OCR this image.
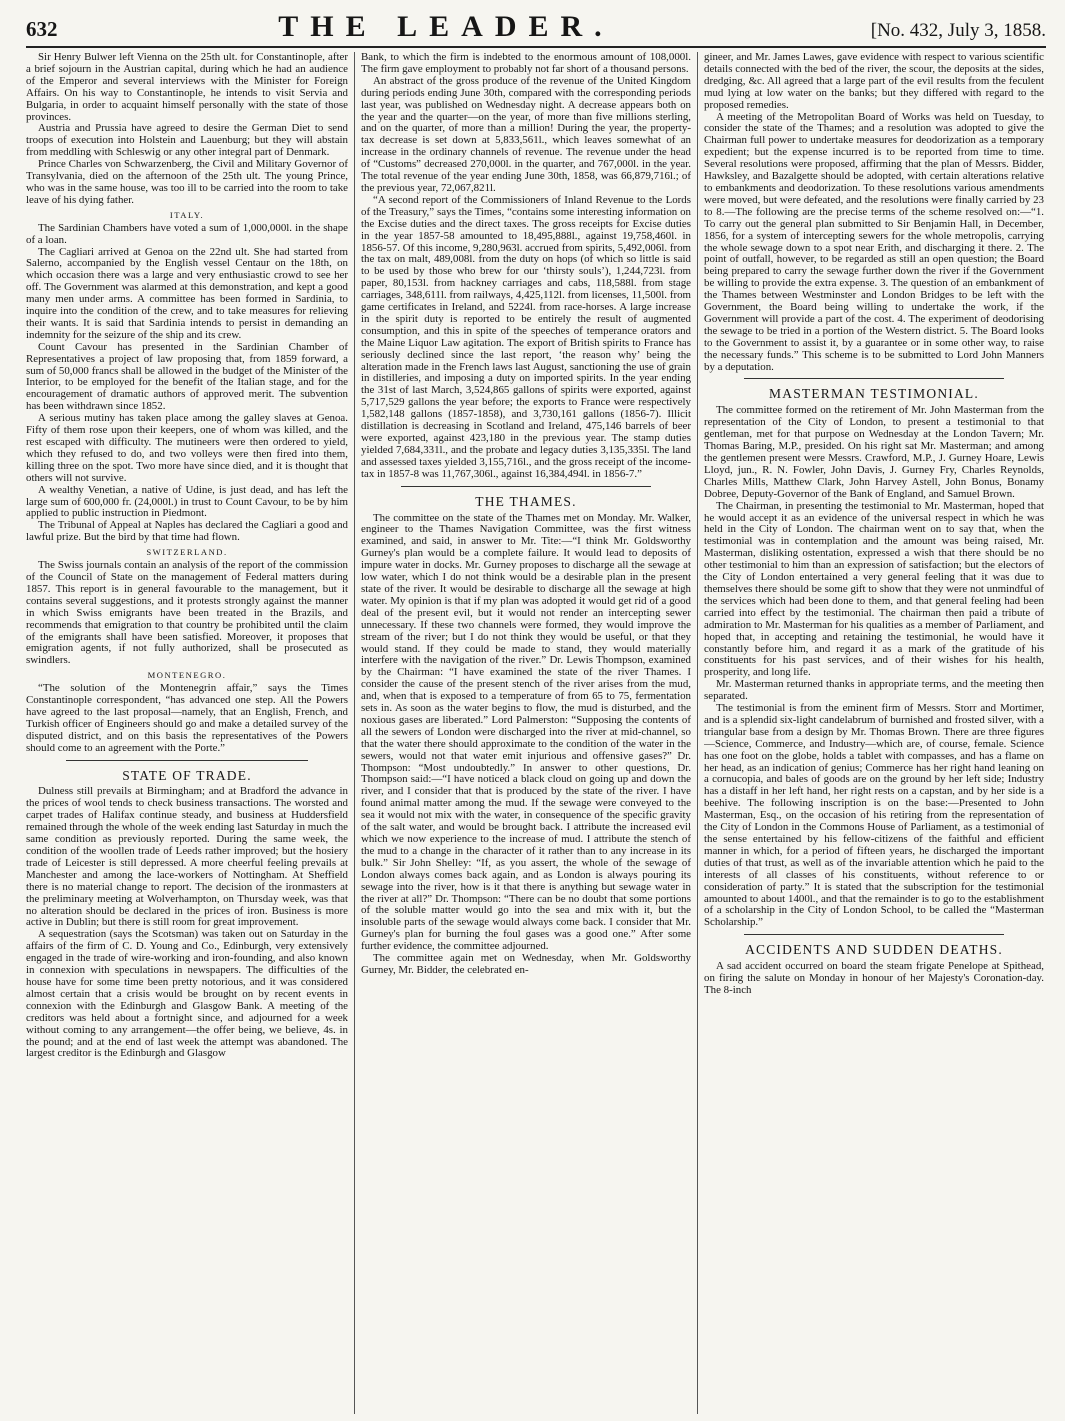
632	THE LEADER.	[No. 432, July 3, 1858.

Sir Henry Bulwer left Vienna on the 25th ult. for Constantinople, after a brief sojourn in the Austrian capital, during which he had an audience of the Emperor and several interviews with the Minister for Foreign Affairs. On his way to Constantinople, he intends to visit Servia and Bulgaria, in order to acquaint himself personally with the state of those provinces.

Austria and Prussia have agreed to desire the German Diet to send troops of execution into Holstein and Lauenburg; but they will abstain from meddling with Schleswig or any other integral part of Denmark.

Prince Charles von Schwarzenberg, the Civil and Military Governor of Transylvania, died on the afternoon of the 25th ult. The young Prince, who was in the same house, was too ill to be carried into the room to take leave of his dying father.

ITALY.

The Sardinian Chambers have voted a sum of 1,000,000l. in the shape of a loan.

The Cagliari arrived at Genoa on the 22nd ult. She had started from Salerno, accompanied by the English vessel Centaur on the 18th, on which occasion there was a large and very enthusiastic crowd to see her off. The Government was alarmed at this demonstration, and kept a good many men under arms. A committee has been formed in Sardinia, to inquire into the condition of the crew, and to take measures for relieving their wants. It is said that Sardinia intends to persist in demanding an indemnity for the seizure of the ship and its crew.

Count Cavour has presented in the Sardinian Chamber of Representatives a project of law proposing that, from 1859 forward, a sum of 50,000 francs shall be allowed in the budget of the Minister of the Interior, to be employed for the benefit of the Italian stage, and for the encouragement of dramatic authors of approved merit. The subvention has been withdrawn since 1852.

A serious mutiny has taken place among the galley slaves at Genoa. Fifty of them rose upon their keepers, one of whom was killed, and the rest escaped with difficulty. The mutineers were then ordered to yield, which they refused to do, and two volleys were then fired into them, killing three on the spot. Two more have since died, and it is thought that others will not survive.

A wealthy Venetian, a native of Udine, is just dead, and has left the large sum of 600,000 fr. (24,000l.) in trust to Count Cavour, to be by him applied to public instruction in Piedmont.

The Tribunal of Appeal at Naples has declared the Cagliari a good and lawful prize. But the bird by that time had flown.

SWITZERLAND.

The Swiss journals contain an analysis of the report of the commission of the Council of State on the management of Federal matters during 1857. This report is in general favourable to the management, but it contains several suggestions, and it protests strongly against the manner in which Swiss emigrants have been treated in the Brazils, and recommends that emigration to that country be prohibited until the claim of the emigrants shall have been satisfied. Moreover, it proposes that emigration agents, if not fully authorized, shall be prosecuted as swindlers.

MONTENEGRO.

“The solution of the Montenegrin affair,” says the Times Constantinople correspondent, “has advanced one step. All the Powers have agreed to the last proposal—namely, that an English, French, and Turkish officer of Engineers should go and make a detailed survey of the disputed district, and on this basis the representatives of the Powers should come to an agreement with the Porte.”

STATE OF TRADE.

Dulness still prevails at Birmingham; and at Bradford the advance in the prices of wool tends to check business transactions. The worsted and carpet trades of Halifax continue steady, and business at Huddersfield remained through the whole of the week ending last Saturday in much the same condition as previously reported. During the same week, the condition of the woollen trade of Leeds rather improved; but the hosiery trade of Leicester is still depressed. A more cheerful feeling prevails at Manchester and among the lace-workers of Nottingham. At Sheffield there is no material change to report. The decision of the ironmasters at the preliminary meeting at Wolverhampton, on Thursday week, was that no alteration should be declared in the prices of iron. Business is more active in Dublin; but there is still room for great improvement.

A sequestration (says the Scotsman) was taken out on Saturday in the affairs of the firm of C. D. Young and Co., Edinburgh, very extensively engaged in the trade of wire-working and iron-founding, and also known in connexion with speculations in newspapers. The difficulties of the house have for some time been pretty notorious, and it was considered almost certain that a crisis would be brought on by recent events in connexion with the Edinburgh and Glasgow Bank. A meeting of the creditors was held about a fortnight since, and adjourned for a week without coming to any arrangement—the offer being, we believe, 4s. in the pound; and at the end of last week the attempt was abandoned. The largest creditor is the Edinburgh and Glasgow

Bank, to which the firm is indebted to the enormous amount of 108,000l. The firm gave employment to probably not far short of a thousand persons.

An abstract of the gross produce of the revenue of the United Kingdom during periods ending June 30th, compared with the corresponding periods last year, was published on Wednesday night. A decrease appears both on the year and the quarter—on the year, of more than five millions sterling, and on the quarter, of more than a million! During the year, the property-tax decrease is set down at 5,833,561l., which leaves somewhat of an increase in the ordinary channels of revenue. The revenue under the head of “Customs” decreased 270,000l. in the quarter, and 767,000l. in the year. The total revenue of the year ending June 30th, 1858, was 66,879,716l.; of the previous year, 72,067,821l.

“A second report of the Commissioners of Inland Revenue to the Lords of the Treasury,” says the Times, “contains some interesting information on the Excise duties and the direct taxes. The gross receipts for Excise duties in the year 1857-58 amounted to 18,495,888l., against 19,758,460l. in 1856-57. Of this income, 9,280,963l. accrued from spirits, 5,492,006l. from the tax on malt, 489,008l. from the duty on hops (of which so little is said to be used by those who brew for our ‘thirsty souls’), 1,244,723l. from paper, 80,153l. from hackney carriages and cabs, 118,588l. from stage carriages, 348,611l. from railways, 4,425,112l. from licenses, 11,500l. from game certificates in Ireland, and 5224l. from race-horses. A large increase in the spirit duty is reported to be entirely the result of augmented consumption, and this in spite of the speeches of temperance orators and the Maine Liquor Law agitation. The export of British spirits to France has seriously declined since the last report, ‘the reason why’ being the alteration made in the French laws last August, sanctioning the use of grain in distilleries, and imposing a duty on imported spirits. In the year ending the 31st of last March, 3,524,865 gallons of spirits were exported, against 5,717,529 gallons the year before; the exports to France were respectively 1,582,148 gallons (1857-1858), and 3,730,161 gallons (1856-7). Illicit distillation is decreasing in Scotland and Ireland, 475,146 barrels of beer were exported, against 423,180 in the previous year. The stamp duties yielded 7,684,331l., and the probate and legacy duties 3,135,335l. The land and assessed taxes yielded 3,155,716l., and the gross receipt of the income-tax in 1857-8 was 11,767,306l., against 16,384,494l. in 1856-7.”

THE THAMES.

The committee on the state of the Thames met on Monday. Mr. Walker, engineer to the Thames Navigation Committee, was the first witness examined, and said, in answer to Mr. Tite:—“I think Mr. Goldsworthy Gurney's plan would be a complete failure. It would lead to deposits of impure water in docks. Mr. Gurney proposes to discharge all the sewage at low water, which I do not think would be a desirable plan in the present state of the river. It would be desirable to discharge all the sewage at high water. My opinion is that if my plan was adopted it would get rid of a good deal of the present evil, but it would not render an intercepting sewer unnecessary. If these two channels were formed, they would improve the stream of the river; but I do not think they would be useful, or that they would stand. If they could be made to stand, they would materially interfere with the navigation of the river.” Dr. Lewis Thompson, examined by the Chairman: “I have examined the state of the river Thames. I consider the cause of the present stench of the river arises from the mud, and, when that is exposed to a temperature of from 65 to 75, fermentation sets in. As soon as the water begins to flow, the mud is disturbed, and the noxious gases are liberated.” Lord Palmerston: “Supposing the contents of all the sewers of London were discharged into the river at mid-channel, so that the water there should approximate to the condition of the water in the sewers, would not that water emit injurious and offensive gases?” Dr. Thompson: “Most undoubtedly.” In answer to other questions, Dr. Thompson said:—“I have noticed a black cloud on going up and down the river, and I consider that that is produced by the state of the river. I have found animal matter among the mud. If the sewage were conveyed to the sea it would not mix with the water, in consequence of the specific gravity of the salt water, and would be brought back. I attribute the increased evil which we now experience to the increase of mud. I attribute the stench of the mud to a change in the character of it rather than to any increase in its bulk.” Sir John Shelley: “If, as you assert, the whole of the sewage of London always comes back again, and as London is always pouring its sewage into the river, how is it that there is anything but sewage water in the river at all?” Dr. Thompson: “There can be no doubt that some portions of the soluble matter would go into the sea and mix with it, but the insoluble parts of the sewage would always come back. I consider that Mr. Gurney's plan for burning the foul gases was a good one.” After some further evidence, the committee adjourned.

The committee again met on Wednesday, when Mr. Goldsworthy Gurney, Mr. Bidder, the celebrated en-

gineer, and Mr. James Lawes, gave evidence with respect to various scientific details connected with the bed of the river, the scour, the deposits at the sides, dredging, &c. All agreed that a large part of the evil results from the feculent mud lying at low water on the banks; but they differed with regard to the proposed remedies.

A meeting of the Metropolitan Board of Works was held on Tuesday, to consider the state of the Thames; and a resolution was adopted to give the Chairman full power to undertake measures for deodorization as a temporary expedient; but the expense incurred is to be reported from time to time. Several resolutions were proposed, affirming that the plan of Messrs. Bidder, Hawksley, and Bazalgette should be adopted, with certain alterations relative to embankments and deodorization. To these resolutions various amendments were moved, but were defeated, and the resolutions were finally carried by 23 to 8.—The following are the precise terms of the scheme resolved on:—“1. To carry out the general plan submitted to Sir Benjamin Hall, in December, 1856, for a system of intercepting sewers for the whole metropolis, carrying the whole sewage down to a spot near Erith, and discharging it there. 2. The point of outfall, however, to be regarded as still an open question; the Board being prepared to carry the sewage further down the river if the Government be willing to provide the extra expense. 3. The question of an embankment of the Thames between Westminster and London Bridges to be left with the Government, the Board being willing to undertake the work, if the Government will provide a part of the cost. 4. The experiment of deodorising the sewage to be tried in a portion of the Western district. 5. The Board looks to the Government to assist it, by a guarantee or in some other way, to raise the necessary funds.” This scheme is to be submitted to Lord John Manners by a deputation.

MASTERMAN TESTIMONIAL.

The committee formed on the retirement of Mr. John Masterman from the representation of the City of London, to present a testimonial to that gentleman, met for that purpose on Wednesday at the London Tavern; Mr. Thomas Baring, M.P., presided. On his right sat Mr. Masterman; and among the gentlemen present were Messrs. Crawford, M.P., J. Gurney Hoare, Lewis Lloyd, jun., R. N. Fowler, John Davis, J. Gurney Fry, Charles Reynolds, Charles Mills, Matthew Clark, John Harvey Astell, John Bonus, Bonamy Dobree, Deputy-Governor of the Bank of England, and Samuel Brown.

The Chairman, in presenting the testimonial to Mr. Masterman, hoped that he would accept it as an evidence of the universal respect in which he was held in the City of London. The chairman went on to say that, when the testimonial was in contemplation and the amount was being raised, Mr. Masterman, disliking ostentation, expressed a wish that there should be no other testimonial to him than an expression of satisfaction; but the electors of the City of London entertained a very general feeling that it was due to themselves there should be some gift to show that they were not unmindful of the services which had been done to them, and that general feeling had been carried into effect by the testimonial. The chairman then paid a tribute of admiration to Mr. Masterman for his qualities as a member of Parliament, and hoped that, in accepting and retaining the testimonial, he would have it constantly before him, and regard it as a mark of the gratitude of his constituents for his past services, and of their wishes for his health, prosperity, and long life.

Mr. Masterman returned thanks in appropriate terms, and the meeting then separated.

The testimonial is from the eminent firm of Messrs. Storr and Mortimer, and is a splendid six-light candelabrum of burnished and frosted silver, with a triangular base from a design by Mr. Thomas Brown. There are three figures—Science, Commerce, and Industry—which are, of course, female. Science has one foot on the globe, holds a tablet with compasses, and has a flame on her head, as an indication of genius; Commerce has her right hand leaning on a cornucopia, and bales of goods are on the ground by her left side; Industry has a distaff in her left hand, her right rests on a capstan, and by her side is a beehive. The following inscription is on the base:—Presented to John Masterman, Esq., on the occasion of his retiring from the representation of the City of London in the Commons House of Parliament, as a testimonial of the sense entertained by his fellow-citizens of the faithful and efficient manner in which, for a period of fifteen years, he discharged the important duties of that trust, as well as of the invariable attention which he paid to the interests of all classes of his constituents, without reference to or consideration of party.” It is stated that the subscription for the testimonial amounted to about 1400l., and that the remainder is to go to the establishment of a scholarship in the City of London School, to be called the “Masterman Scholarship.”

ACCIDENTS AND SUDDEN DEATHS.

A sad accident occurred on board the steam frigate Penelope at Spithead, on firing the salute on Monday in honour of her Majesty's Coronation-day. The 8-inch
